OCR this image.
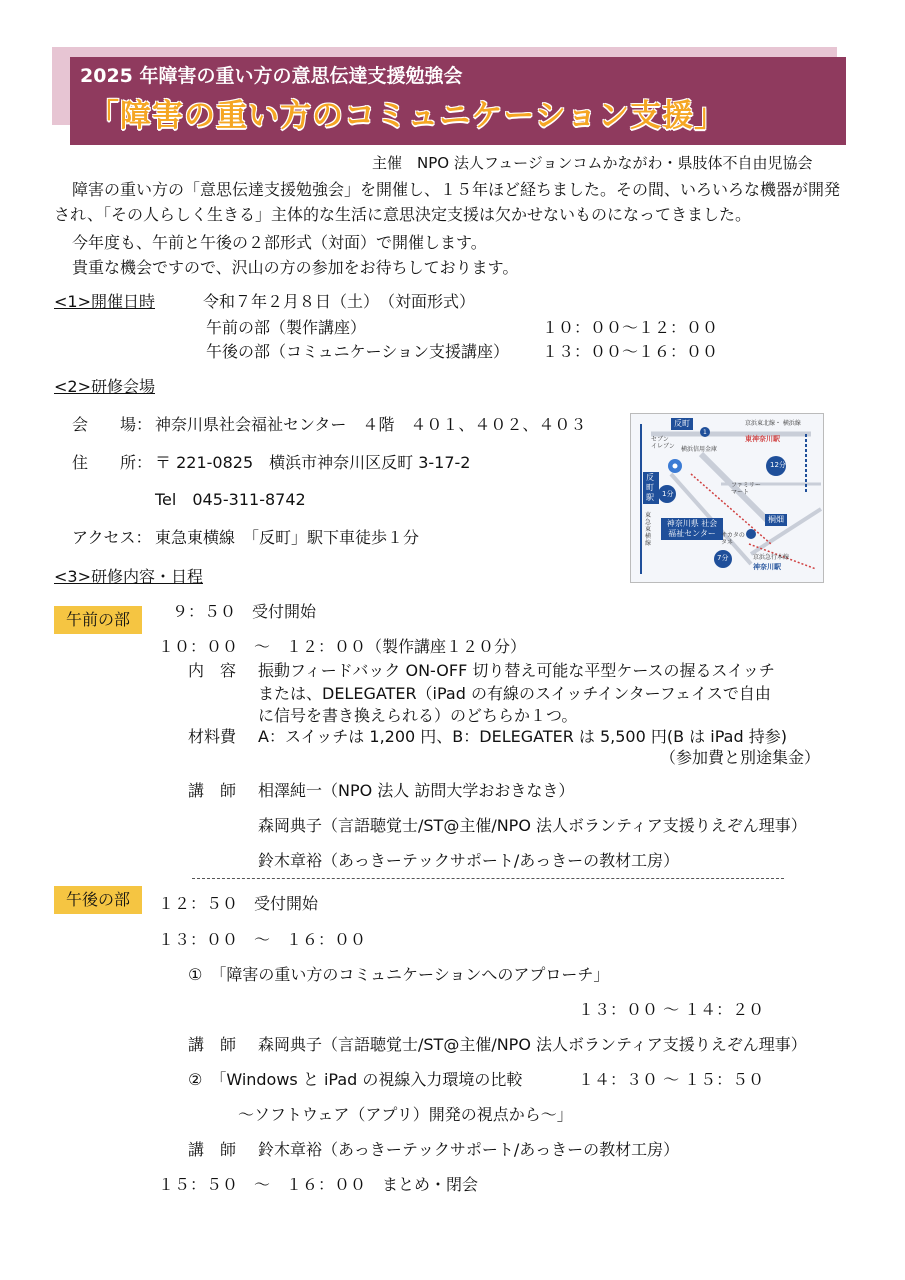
2025 年障害の重い方の意思伝達支援勉強会
「障害の重い方のコミュニケーション支援」
主催　NPO 法人フュージョンコムかながわ・県肢体不自由児協会
障害の重い方の「意思伝達支援勉強会」を開催し、１５年ほど経ちました。その間、いろいろな機器が開発
され、「その人らしく生きる」主体的な生活に意思決定支援は欠かせないものになってきました。
今年度も、午前と午後の２部形式（対面）で開催します。
貴重な機会ですので、沢山の方の参加をお待ちしております。
<1>開催日時	令和７年２月８日（土）　（対面形式）
午前の部（製作講座）	１０：００～１２：００
午後の部（コミュニケーション支援講座） １３：００～１６：００
<2>研修会場
会　　場： 神奈川県社会福祉センター　４階　４０１、４０２、４０３
住　　所： 〒 221-0825　横浜市神奈川区反町 3-17-2
Tel　045-311-8742
アクセス： 東急東横線　「反町」駅下車徒歩１分
反町
1
セブン イレブン 横浜信用金庫
反町駅	1分
神奈川県 社会福祉センター
京浜東北線・ 横浜線
東神奈川駅
12分
ファミリー マート
桐畑
サカタの タネ
7分	京浜急行本線
神奈川駅
東急東横線
<3>研修内容・日程
午前の部	９：５０　受付開始
１０：００　～　１２：００（製作講座１２０分）
内　容 振動フィードバック ON-OFF 切り替え可能な平型ケースの握るスイッチ
または、DELEGATER（iPad の有線のスイッチインターフェイスで自由
に信号を書き換えられる）のどちらか１つ。
材料費 A：スイッチは 1,200 円、B：DELEGATER は 5,500 円(B は iPad 持参)
（参加費と別途集金）
講　師 相澤純一（NPO 法人 訪問大学おおきなき）
森岡典子（言語聴覚士/ST@主催/NPO 法人ボランティア支援りえぞん理事）
鈴木章裕（あっきーテックサポート/あっきーの教材工房）
午後の部	１２：５０　受付開始
１３：００　～　１６：００
①　「障害の重い方のコミュニケーションへのアプローチ」
１３：００ ～ １４：２０
講　師 森岡典子（言語聴覚士/ST@主催/NPO 法人ボランティア支援りえぞん理事）
②　「Windows と iPad の視線入力環境の比較	１４：３０ ～ １５：５０
～ソフトウェア（アプリ）開発の視点から～」
講　師 鈴木章裕（あっきーテックサポート/あっきーの教材工房）
１５：５０　～　１６：００　まとめ・閉会
